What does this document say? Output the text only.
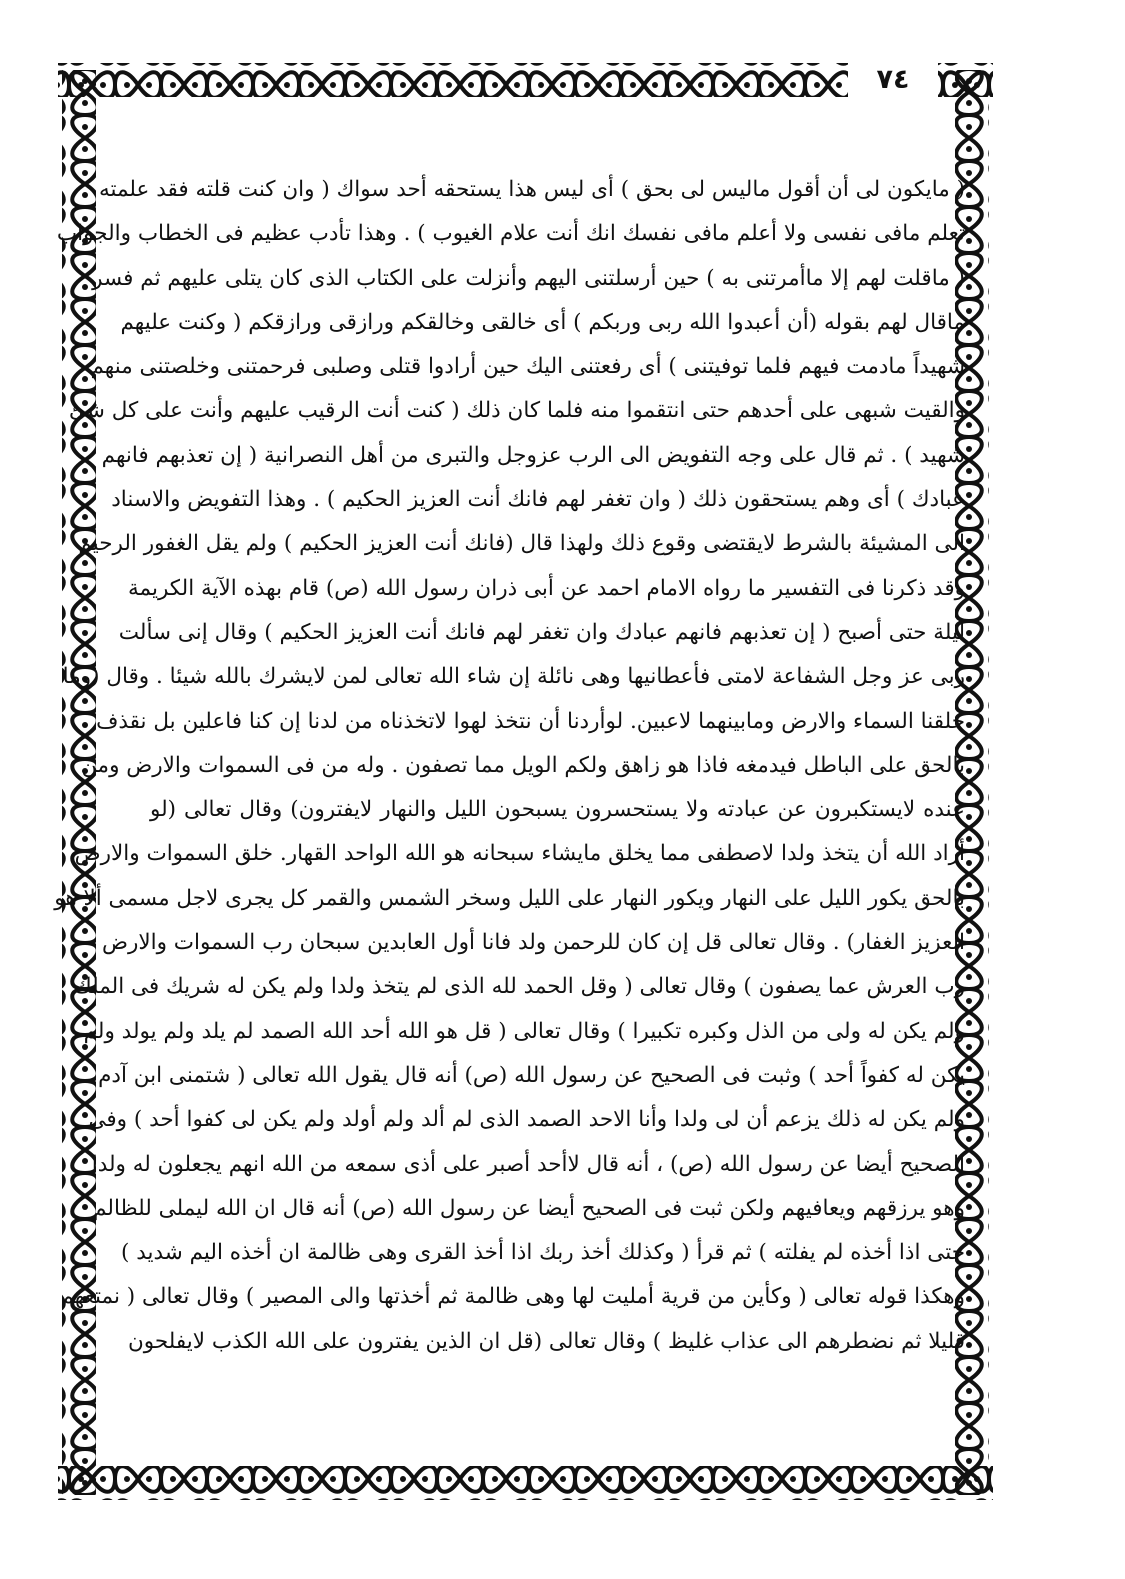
٧٤
( مايكون لى أن أقول ماليس لى بحق ) أى ليس هذا يستحقه أحد سواك ( وان كنت قلته فقد علمته
تعلم مافى نفسى ولا أعلم مافى نفسك انك أنت علام الغيوب ) . وهذا تأدب عظيم فى الخطاب والجواب
( ماقلت لهم إلا ماأمرتنى به ) حين أرسلتنى اليهم وأنزلت على الكتاب الذى كان يتلى عليهم ثم فسر
ماقال لهم بقوله (أن أعبدوا الله ربى وربكم ) أى خالقى وخالقكم ورازقى ورازقكم ( وكنت عليهم
شهيداً مادمت فيهم فلما توفيتنى ) أى رفعتنى اليك حين أرادوا قتلى وصلبى فرحمتنى وخلصتنى منهم
والقيت شبهى على أحدهم حتى انتقموا منه فلما كان ذلك ( كنت أنت الرقيب عليهم وأنت على كل شئ
شهيد ) . ثم قال على وجه التفويض الى الرب عزوجل والتبرى من أهل النصرانية ( إن تعذبهم فانهم
عبادك ) أى وهم يستحقون ذلك ( وان تغفر لهم فانك أنت العزيز الحكيم ) . وهذا التفويض والاسناد
الى المشيئة بالشرط لايقتضى وقوع ذلك ولهذا قال (فانك أنت العزيز الحكيم ) ولم يقل الغفور الرحيم
وقد ذكرنا فى التفسير ما رواه الامام احمد عن أبى ذران رسول الله (ص) قام بهذه الآية الكريمة
ليلة حتى أصبح ( إن تعذبهم فانهم عبادك وان تغفر لهم فانك أنت العزيز الحكيم ) وقال إنى سألت
ربى عز وجل الشفاعة لامتى فأعطانيها وهى نائلة إن شاء الله تعالى لمن لايشرك بالله شيئا . وقال (وما
خلقنا السماء والارض ومابينهما لاعبين. لوأردنا أن نتخذ لهوا لاتخذناه من لدنا إن كنا فاعلين بل نقذف
بالحق على الباطل فيدمغه فاذا هو زاهق ولكم الويل مما تصفون . وله من فى السموات والارض ومن
عنده لايستكبرون عن عبادته ولا يستحسرون يسبحون الليل والنهار لايفترون) وقال تعالى (لو
أراد الله أن يتخذ ولدا لاصطفى مما يخلق مايشاء سبحانه هو الله الواحد القهار. خلق السموات والارض
بالحق يكور الليل على النهار ويكور النهار على الليل وسخر الشمس والقمر كل يجرى لاجل مسمى ألا هو
العزيز الغفار) . وقال تعالى قل إن كان للرحمن ولد فانا أول العابدين سبحان رب السموات والارض
رب العرش عما يصفون ) وقال تعالى ( وقل الحمد لله الذى لم يتخذ ولدا ولم يكن له شريك فى الملك
ولم يكن له ولى من الذل وكبره تكبيرا ) وقال تعالى ( قل هو الله أحد الله الصمد لم يلد ولم يولد ولم
يكن له كفواً أحد ) وثبت فى الصحيح عن رسول الله (ص) أنه قال يقول الله تعالى ( شتمنى ابن آدم
ولم يكن له ذلك يزعم أن لى ولدا وأنا الاحد الصمد الذى لم ألد ولم أولد ولم يكن لى كفوا أحد ) وفى
الصحيح أيضا عن رسول الله (ص) ، أنه قال لاأحد أصبر على أذى سمعه من الله انهم يجعلون له ولدا
وهو يرزقهم ويعافيهم ولكن ثبت فى الصحيح أيضا عن رسول الله (ص) أنه قال ان الله ليملى للظالم
حتى اذا أخذه لم يفلته ) ثم قرأ ( وكذلك أخذ ربك اذا أخذ القرى وهى ظالمة ان أخذه اليم شديد )
وهكذا قوله تعالى ( وكأين من قرية أمليت لها وهى ظالمة ثم أخذتها والى المصير ) وقال تعالى ( نمتعهم
قليلا ثم نضطرهم الى عذاب غليظ ) وقال تعالى (قل ان الذين يفترون على الله الكذب لايفلحون
